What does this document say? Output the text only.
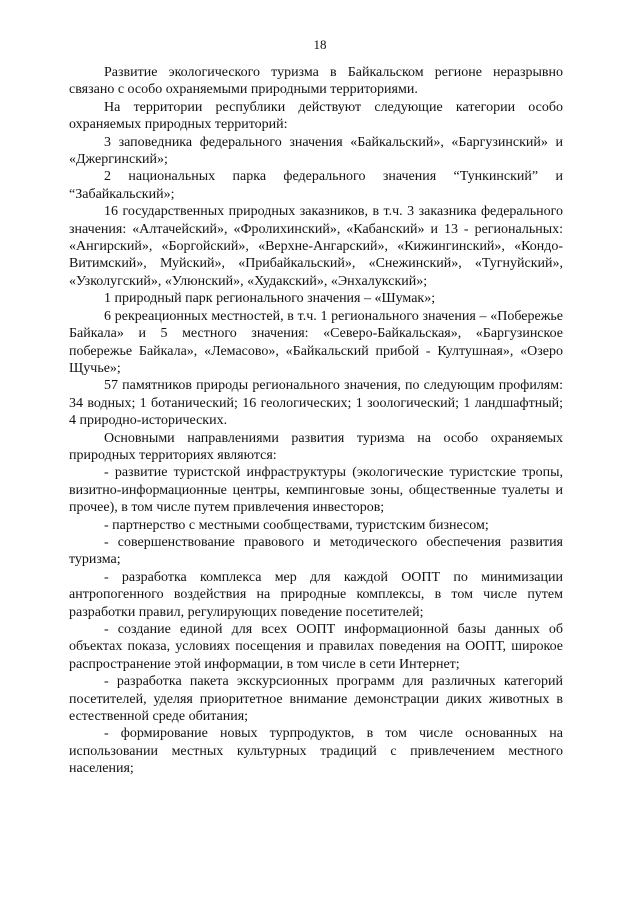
18

Развитие экологического туризма в Байкальском регионе неразрывно связано с особо охраняемыми природными территориями.

На территории республики действуют следующие категории особо охраняемых природных территорий:

3 заповедника федерального значения «Байкальский», «Баргузинский» и «Джергинский»;

2 национальных парка федерального значения “Тункинский” и “Забайкальский»;

16 государственных природных заказников, в т.ч. 3 заказника федерального значения: «Алтачейский», «Фролихинский», «Кабанский» и 13 - региональных: «Ангирский», «Боргойский», «Верхне-Ангарский», «Кижингинский», «Кондо-Витимский», Муйский», «Прибайкальский», «Снежинский», «Тугнуйский», «Узколугский», «Улюнский», «Худакский», «Энхалукский»;

1 природный парк регионального значения – «Шумак»;

6 рекреационных местностей, в т.ч. 1 регионального значения – «Побережье Байкала» и 5 местного значения: «Северо-Байкальская», «Баргузинское побережье Байкала», «Лемасово», «Байкальский прибой - Култушная», «Озеро Щучье»;

57 памятников природы регионального значения, по следующим профилям: 34 водных; 1 ботанический; 16 геологических; 1 зоологический; 1 ландшафтный; 4 природно-исторических.

Основными направлениями развития туризма на особо охраняемых природных территориях являются:

- развитие туристской инфраструктуры (экологические туристские тропы, визитно-информационные центры, кемпинговые зоны, общественные туалеты и прочее), в том числе путем привлечения инвесторов;

- партнерство с местными сообществами, туристским бизнесом;

- совершенствование правового и методического обеспечения развития туризма;

- разработка комплекса мер для каждой ООПТ по минимизации антропогенного воздействия на природные комплексы, в том числе путем разработки правил, регулирующих поведение посетителей;

- создание единой для всех ООПТ информационной базы данных об объектах показа, условиях посещения и правилах поведения на ООПТ, широкое распространение этой информации, в том числе в сети Интернет;

- разработка пакета экскурсионных программ для различных категорий посетителей, уделяя приоритетное внимание демонстрации диких животных в естественной среде обитания;

- формирование новых турпродуктов, в том числе основанных на использовании местных культурных традиций с привлечением местного населения;
